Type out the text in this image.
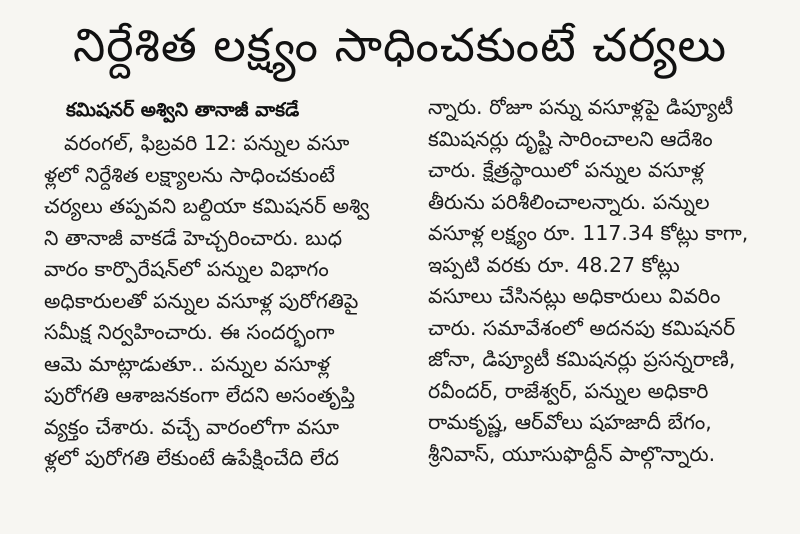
నిర్దేశిత లక్ష్యం సాధించకుంటే చర్యలు
కమిషనర్ అశ్విని తానాజీ వాకడే
వరంగల్, ఫిబ్రవరి 12: పన్నుల వసూ
ళ్లలో నిర్దేశిత లక్ష్యాలను సాధించకుంటే
చర్యలు తప్పవని బల్దియా కమిషనర్ అశ్వి
ని తానాజీ వాకడే హెచ్చరించారు. బుధ
వారం కార్పొరేషన్‌లో పన్నుల విభాగం
అధికారులతో పన్నుల వసూళ్ల పురోగతిపై
సమీక్ష నిర్వహించారు. ఈ సందర్భంగా
ఆమె మాట్లాడుతూ.. పన్నుల వసూళ్ల
పురోగతి ఆశాజనకంగా లేదని అసంతృప్తి
వ్యక్తం చేశారు. వచ్చే వారంలోగా వసూ
ళ్లలో పురోగతి లేకుంటే ఉపేక్షించేది లేద
న్నారు. రోజూ పన్ను వసూళ్లపై డిప్యూటీ
కమిషనర్లు దృష్టి సారించాలని ఆదేశిం
చారు. క్షేత్రస్థాయిలో పన్నుల వసూళ్ల
తీరును పరిశీలించాలన్నారు. పన్నుల
వసూళ్ల లక్ష్యం రూ. 117.34 కోట్లు కాగా,
ఇప్పటి వరకు రూ. 48.27 కోట్లు
వసూలు చేసినట్లు అధికారులు వివరిం
చారు. సమావేశంలో అదనపు కమిషనర్
జోనా, డిప్యూటీ కమిషనర్లు ప్రసన్నరాణి,
రవీందర్, రాజేశ్వర్, పన్నుల అధికారి
రామకృష్ణ, ఆర్‌వోలు షహజాదీ బేగం,
శ్రీనివాస్, యూసుఫొద్దీన్ పాల్గొన్నారు.
